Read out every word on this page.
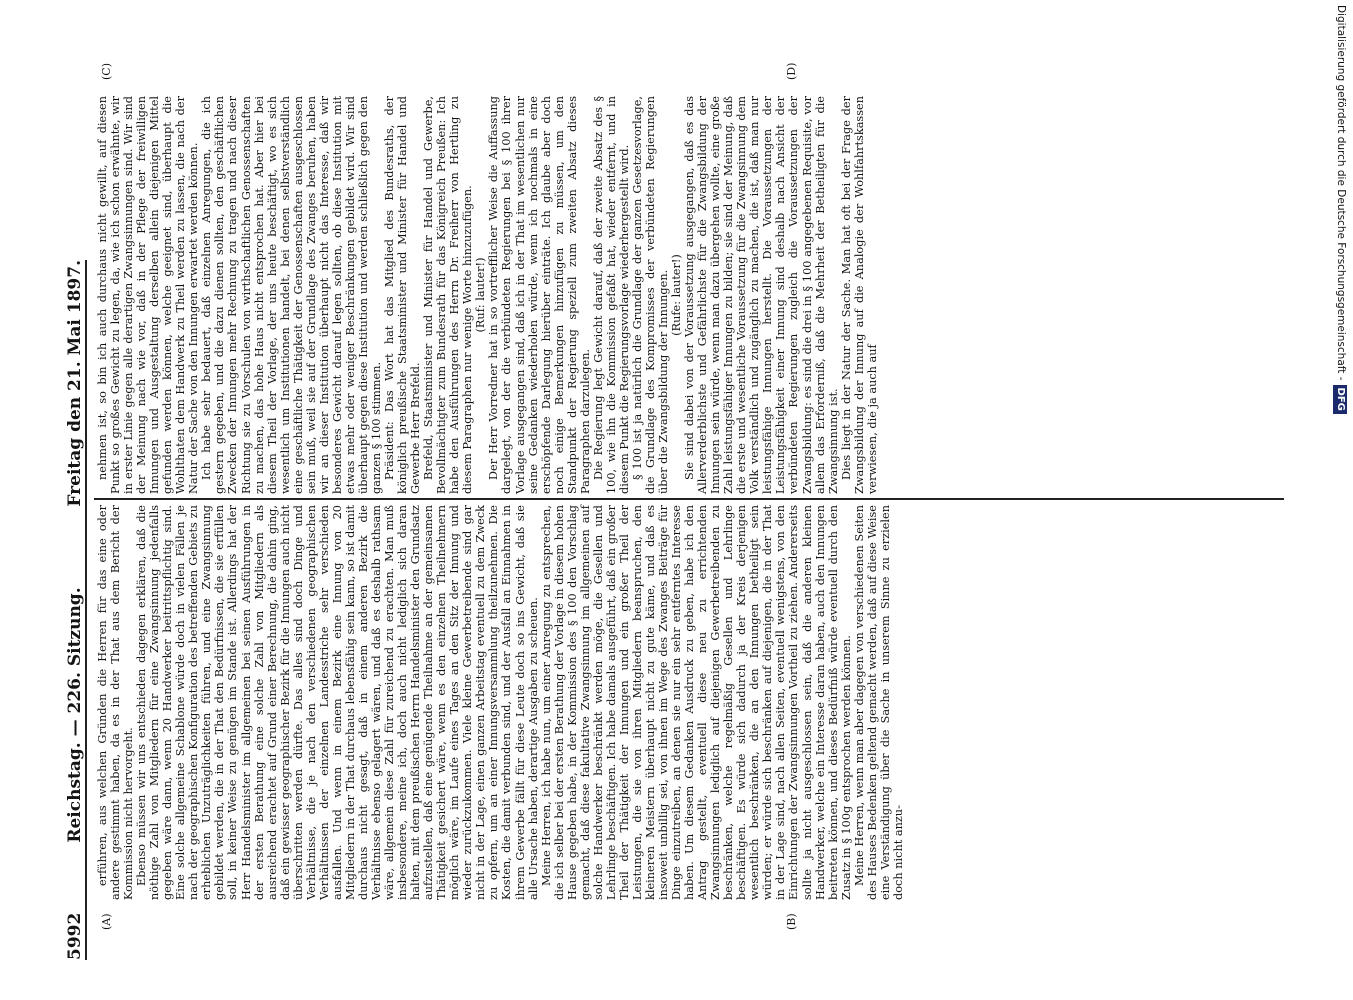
5992
Reichstag. — 226. Sitzung.
Freitag den 21. Mai 1897.
(A)	(B)
(C)	(D)

erführen, aus welchen Gründen die Herren für das eine oder andere gestimmt haben, da es in der That aus dem Bericht der Kommission nicht hervorgeht. Ebenso müssen wir uns entschieden dagegen erklären, daß die nöthige Zahl von Mitgliedern für eine Zwangsinnung jedenfalls gegeben wäre dann, wenn 20 Handwerker beitrittspflichtig sind. Eine solche allgemeine Schablone würde doch in vielen Fällen je nach der geographischen Konfiguration des betreffenden Gebiets zu erheblichen Unzuträglichkeiten führen, und eine Zwangsinnung gebildet werden, die in der That den Bedürfnissen, die sie erfüllen soll, in keiner Weise zu genügen im Stande ist. Allerdings hat der Herr Handelsminister im allgemeinen bei seinen Ausführungen in der ersten Berathung eine solche Zahl von Mitgliedern als ausreichend erachtet auf Grund einer Berechnung, die dahin ging, daß ein gewisser geographischer Bezirk für die Innungen auch nicht überschritten werden dürfte. Das alles sind doch Dinge und Verhältnisse, die je nach den verschiedenen geographischen Verhältnissen der einzelnen Landesstriche sehr verschieden ausfallen. Und wenn in einem Bezirk eine Innung von 20 Mitgliedern in der That durchaus lebensfähig sein kann, so ist damit durchaus nicht gesagt, daß in einem anderen Bezirk die Verhältnisse ebenso gelagert wären, und daß es deshalb rathsam wäre, allgemein diese Zahl für zureichend zu erachten. Man muß insbesondere, meine ich, doch auch nicht lediglich sich daran halten, mit dem preußischen Herrn Handelsminister den Grundsatz aufzustellen, daß eine genügende Theilnahme an der gemeinsamen Thätigkeit gesichert wäre, wenn es den einzelnen Theilnehmern möglich wäre, im Laufe eines Tages an den Sitz der Innung und wieder zurückzukommen. Viele kleine Gewerbetreibende sind gar nicht in der Lage, einen ganzen Arbeitstag eventuell zu dem Zweck zu opfern, um an einer Innungsversammlung theilzunehmen. Die Kosten, die damit verbunden sind, und der Ausfall an Einnahmen in ihrem Gewerbe fällt für diese Leute doch so ins Gewicht, daß sie alle Ursache haben, derartige Ausgaben zu scheuen. Meine Herren, ich habe nun, um einer Anregung zu entsprechen, die ich selber bei der ersten Berathung der Vorlage in diesem hohen Hause gegeben habe, in der Kommission des § 100 den Vorschlag gemacht, daß diese fakultative Zwangsinnung im allgemeinen auf solche Handwerker beschränkt werden möge, die Gesellen und Lehrlinge beschäftigen. Ich habe damals ausgeführt, daß ein großer Theil der Thätigkeit der Innungen und ein großer Theil der Leistungen, die sie von ihren Mitgliedern beanspruchen, den kleineren Meistern überhaupt nicht zu gute käme, und daß es insoweit unbillig sei, von ihnen im Wege des Zwanges Beiträge für Dinge einzutreiben, an denen sie nur ein sehr entferntes Interesse haben. Um diesem Gedanken Ausdruck zu geben, habe ich den Antrag gestellt, eventuell diese neu zu errichtenden Zwangsinnungen lediglich auf diejenigen Gewerbetreibenden zu beschränken, welche regelmäßig Gesellen und Lehrlinge beschäftigen. Es würde sich dadurch ja der Kreis derjenigen wesentlich beschränken, die an den Innungen betheiligt sein würden; er würde sich beschränken auf diejenigen, die in der That in der Lage sind, nach allen Seiten, eventuell wenigstens, von den Einrichtungen der Zwangsinnungen Vortheil zu ziehen. Andererseits sollte ja nicht ausgeschlossen sein, daß die anderen kleinen Handwerker, welche ein Interesse daran haben, auch den Innungen beitreten können, und dieses Bedürfniß würde eventuell durch den Zusatz in § 100g entsprochen werden können. Meine Herren, wenn man aber dagegen von verschiedenen Seiten des Hauses Bedenken geltend gemacht werden, daß auf diese Weise eine Verständigung über die Sache in unserem Sinne zu erzielen doch nicht anzu-

nehmen ist, so bin ich auch durchaus nicht gewillt, auf diesen Punkt so großes Gewicht zu legen, da, wie ich schon erwähnte, wir in erster Linie gegen alle derartigen Zwangsinnungen sind. Wir sind der Meinung nach wie vor, daß in der Pflege der freiwilligen Innungen und Ausgestaltung derselben allein diejenigen Mittel gefunden werden können, welche geeignet sind, überhaupt die Wohlthaten dem Handwerk zu Theil werden zu lassen, die nach der Natur der Sache von den Innungen erwartet werden können. Ich habe sehr bedauert, daß einzelnen Anregungen, die ich gestern gegeben, und die dazu dienen sollten, den geschäftlichen Zwecken der Innungen mehr Rechnung zu tragen und nach dieser Richtung sie zu Vorschulen von wirthschaftlichen Genossenschaften zu machen, das hohe Haus nicht entsprochen hat. Aber hier bei diesem Theil der Vorlage, der uns heute beschäftigt, wo es sich wesentlich um Institutionen handelt, bei denen selbstverständlich eine geschäftliche Thätigkeit der Genossenschaften ausgeschlossen sein muß, weil sie auf der Grundlage des Zwanges beruhen, haben wir an dieser Institution überhaupt nicht das Interesse, daß wir besonderes Gewicht darauf legen sollten, ob diese Institution mit etwas mehr oder weniger Beschränkungen gebildet wird. Wir sind überhaupt gegen diese Institution und werden schließlich gegen den ganzen § 100 stimmen. Präsident: Das Wort hat das Mitglied des Bundesraths, der königlich preußische Staatsminister und Minister für Handel und Gewerbe Herr Brefeld. Brefeld, Staatsminister und Minister für Handel und Gewerbe, Bevollmächtigter zum Bundesrath für das Königreich Preußen: Ich habe den Ausführungen des Herrn Dr. Freiherr von Hertling zu diesem Paragraphen nur wenige Worte hinzuzufügen. (Ruf: lauter!) Der Herr Vorredner hat in so vortrefflicher Weise die Auffassung dargelegt, von der die verbündeten Regierungen bei § 100 ihrer Vorlage ausgegangen sind, daß ich in der That im wesentlichen nur seine Gedanken wiederholen würde, wenn ich nochmals in eine erschöpfende Darlegung hierüber einträte. Ich glaube aber doch noch einige Bemerkungen hinzufügen zu müssen, um den Standpunkt der Regierung speziell zum zweiten Absatz dieses Paragraphen darzulegen. Die Regierung legt Gewicht darauf, daß der zweite Absatz des § 100, wie ihn die Kommission gefaßt hat, wieder entfernt, und in diesem Punkt die Regierungsvorlage wiederhergestellt wird. § 100 ist ja natürlich die Grundlage der ganzen Gesetzesvorlage, die Grundlage des Kompromisses der verbündeten Regierungen über die Zwangsbildung der Innungen. (Rufe: lauter!) Sie sind dabei von der Voraussetzung ausgegangen, daß es das Allerverderblichste und Gefährlichste für die Zwangsbildung der Innungen sein würde, wenn man dazu übergehen wollte, eine große Zahl leistungsfähiger Innungen zu bilden; sie sind der Meinung, daß die erste und wesentliche Voraussetzung für die Zwangsinnung dem Volk verständlich und zugänglich zu machen, die ist, daß man nur leistungsfähige Innungen herstellt. Die Voraussetzungen der Leistungsfähigkeit einer Innung sind deshalb nach Ansicht der verbündeten Regierungen zugleich die Voraussetzungen der Zwangsbildung: es sind die drei in § 100 angegebenen Requisite, vor allem das Erforderniß, daß die Mehrheit der Betheiligten für die Zwangsinnung ist. Dies liegt in der Natur der Sache. Man hat oft bei der Frage der Zwangsbildung der Innung auf die Analogie der Wohlfahrtskassen verwiesen, die ja auch auf

Digitalisierung gefördert durch die Deutsche Forschungsgemeinschaft -DFG
